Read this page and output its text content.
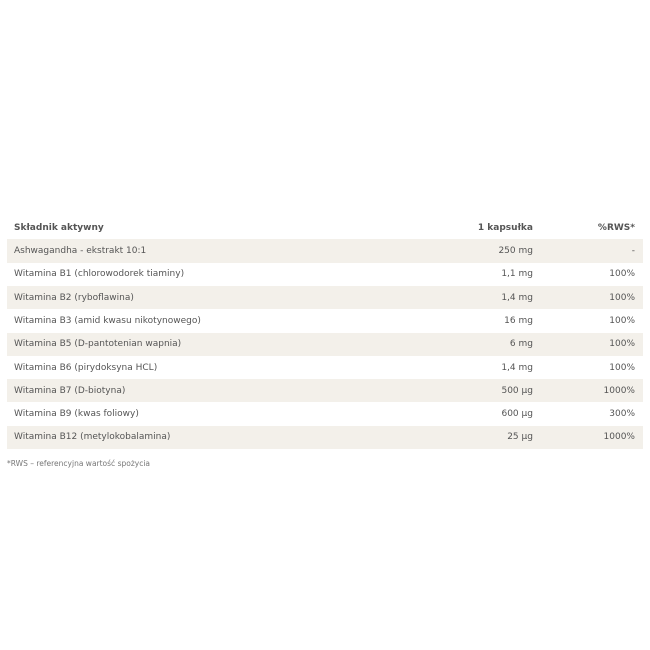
Składnik aktywny	1 kapsułka	%RWS*
Ashwagandha - ekstrakt 10:1	250 mg	-
Witamina B1 (chlorowodorek tiaminy)	1,1 mg	100%
Witamina B2 (ryboflawina)	1,4 mg	100%
Witamina B3 (amid kwasu nikotynowego)	16 mg	100%
Witamina B5 (D-pantotenian wapnia)	6 mg	100%
Witamina B6 (pirydoksyna HCL)	1,4 mg	100%
Witamina B7 (D-biotyna)	500 µg	1000%
Witamina B9 (kwas foliowy)	600 µg	300%
Witamina B12 (metylokobalamina)	25 µg	1000%
*RWS – referencyjna wartość spożycia
